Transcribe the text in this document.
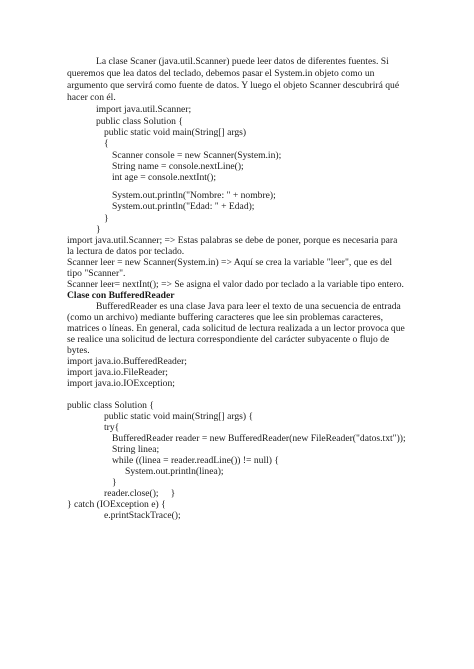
La clase Scaner (java.util.Scanner) puede leer datos de diferentes fuentes. Si
queremos que lea datos del teclado, debemos pasar el System.in objeto como un
argumento que servirá como fuente de datos. Y luego el objeto Scanner descubrirá qué
hacer con él.
import java.util.Scanner;
public class Solution {
public static void main(String[] args)
{
Scanner console = new Scanner(System.in);
String name = console.nextLine();
int age = console.nextInt();
System.out.println("Nombre: " + nombre);
System.out.println("Edad: " + Edad);
}
}
import java.util.Scanner; => Estas palabras se debe de poner, porque es necesaria para
la lectura de datos por teclado.
Scanner leer = new Scanner(System.in) => Aquí se crea la variable "leer", que es del
tipo "Scanner".
Scanner leer= nextInt(); => Se asigna el valor dado por teclado a la variable tipo entero.
Clase con BufferedReader
BufferedReader es una clase Java para leer el texto de una secuencia de entrada
(como un archivo) mediante buffering caracteres que lee sin problemas caracteres,
matrices o líneas. En general, cada solicitud de lectura realizada a un lector provoca que
se realice una solicitud de lectura correspondiente del carácter subyacente o flujo de
bytes.
import java.io.BufferedReader;
import java.io.FileReader;
import java.io.IOException;
public class Solution {
public static void main(String[] args) {
try{
BufferedReader reader = new BufferedReader(new FileReader("datos.txt"));
String linea;
while ((linea = reader.readLine()) != null) {
System.out.println(linea);
}
reader.close();     }
} catch (IOException e) {
e.printStackTrace();
